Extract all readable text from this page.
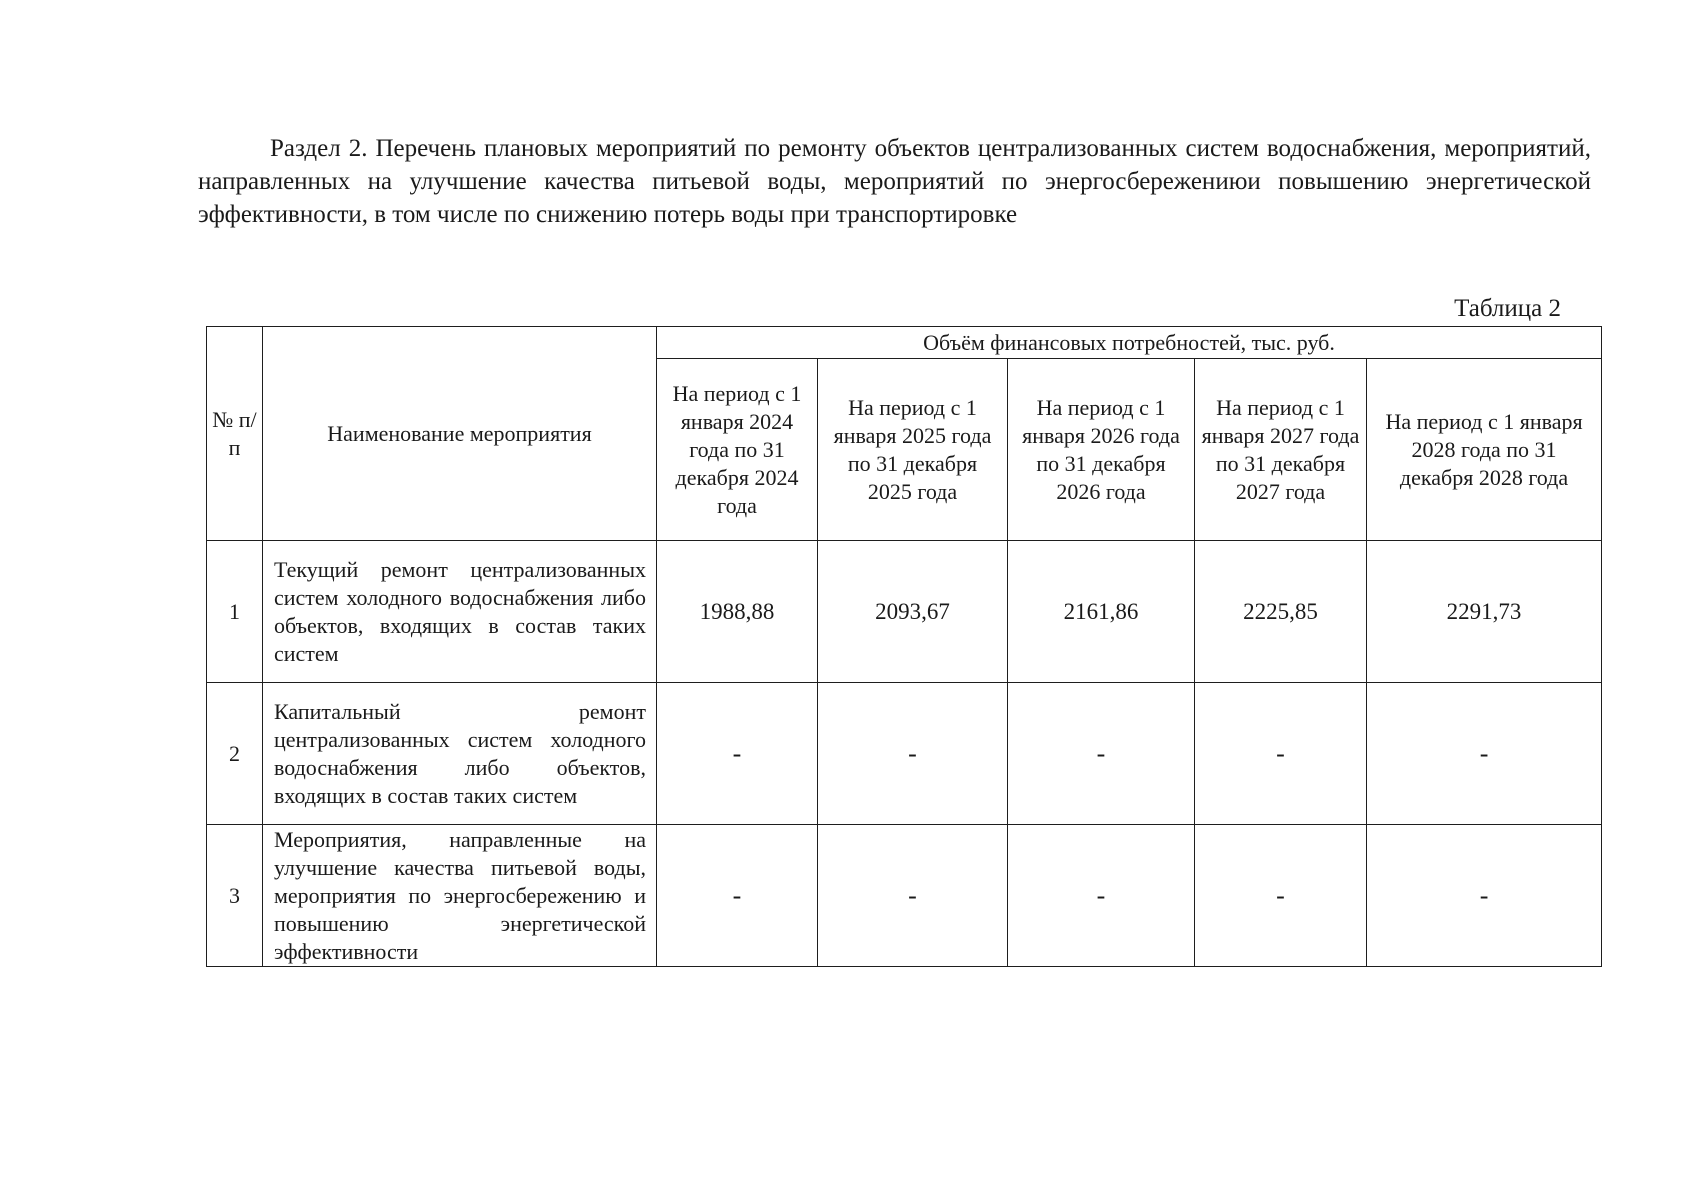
Раздел 2. Перечень плановых мероприятий по ремонту объектов централизованных систем водоснабжения, мероприятий, направленных на улучшение качества питьевой воды, мероприятий по энергосбережениюи повышению энергетической эффективности, в том числе по снижению потерь воды при транспортировке
Таблица 2
№ п/п	Наименование мероприятия	Объём финансовых потребностей, тыс. руб.				

		На период с 1 января 2024 года по 31 декабря 2024 года	На период с 1 января 2025 года по 31 декабря 2025 года	На период с 1 января 2026 года по 31 декабря 2026 года	На период с 1 января 2027 года по 31 декабря 2027 года	На период с 1 января 2028 года по 31 декабря 2028 года

1	Текущий ремонт централизованных систем холодного водоснабжения либо объектов, входящих в состав таких систем	1988,88	2093,67	2161,86	2225,85	2291,73
2	Капитальный ремонт централизованных систем холодного водоснабжения либо объектов, входящих в состав таких систем	-	-	-	-	-
3	Мероприятия, направленные на улучшение качества питьевой воды, мероприятия по энергосбережению и повышению энергетической эффективности	-	-	-	-	-
